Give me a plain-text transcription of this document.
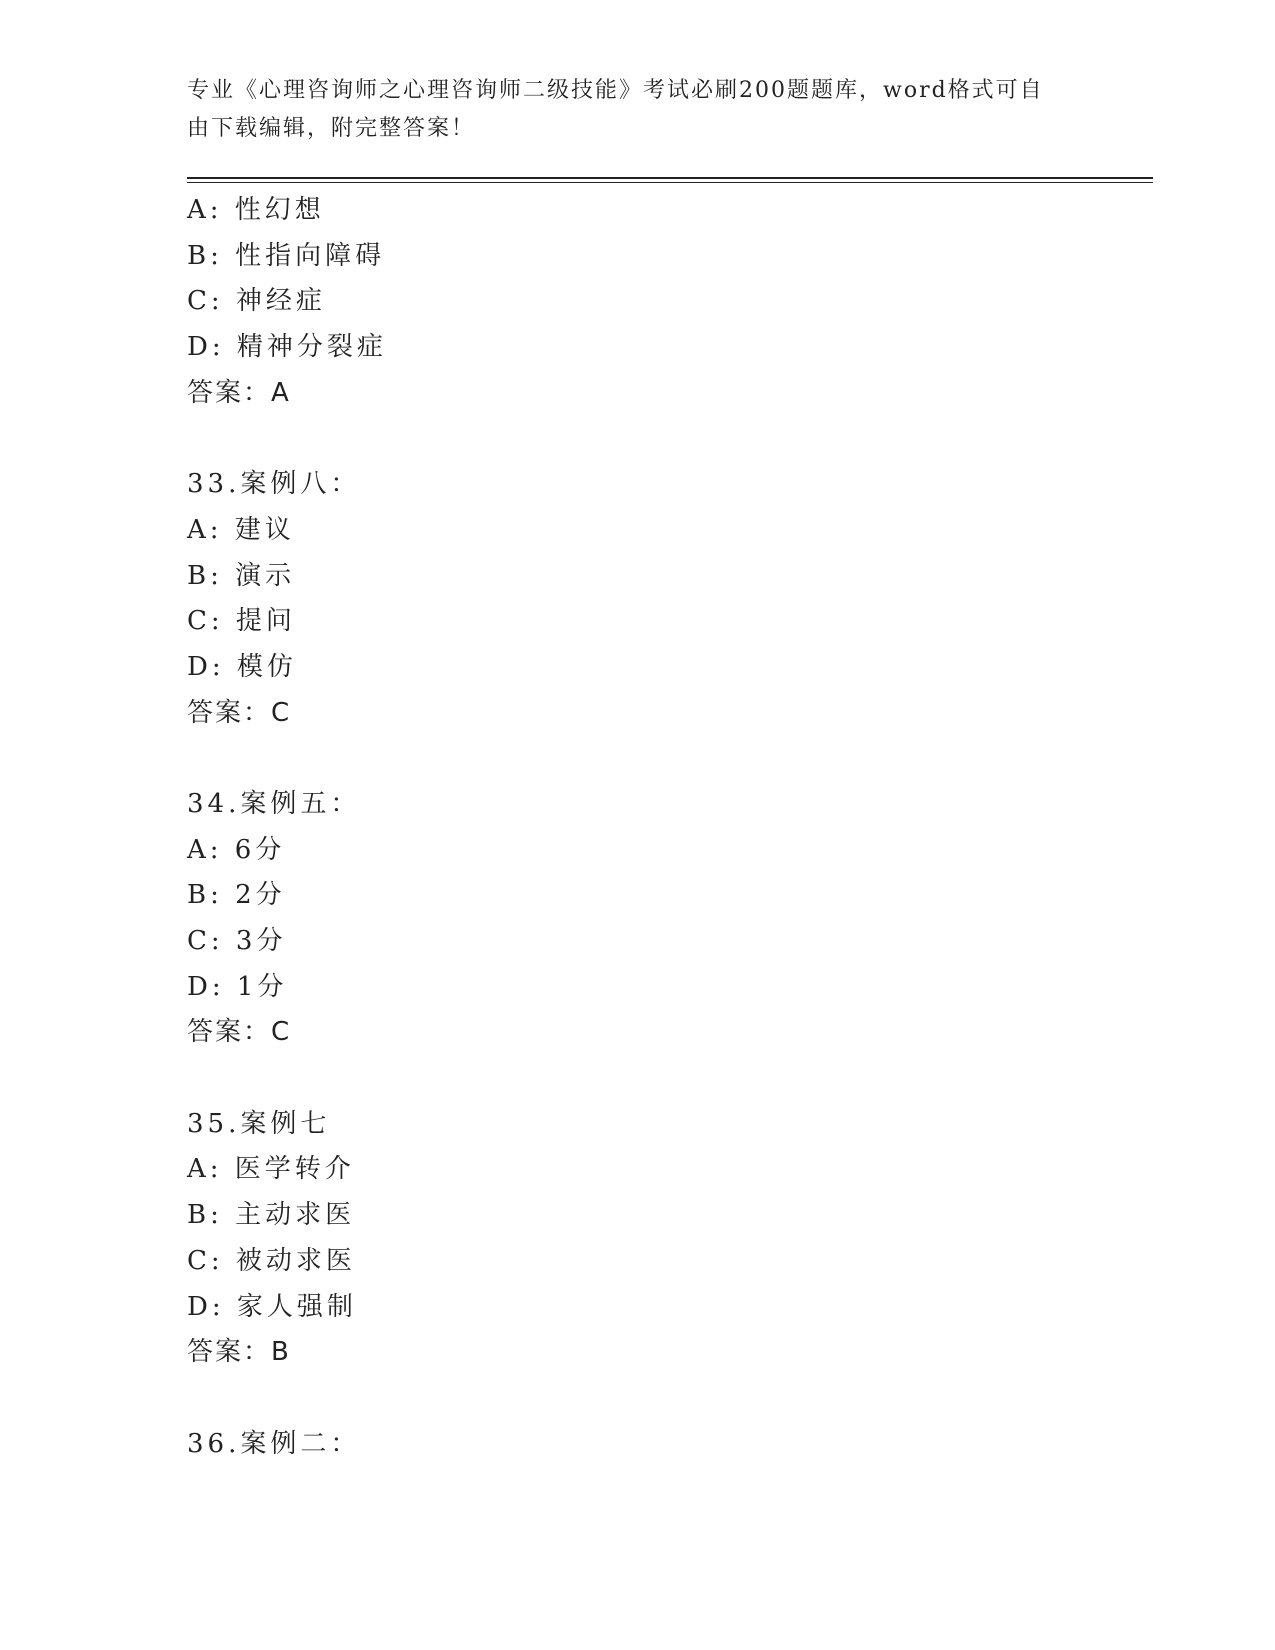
专业《心理咨询师之心理咨询师二级技能》考试必刷200题题库，word格式可自
由下载编辑，附完整答案！
A: 性幻想
B: 性指向障碍
C: 神经症
D: 精神分裂症
答案：A
33.案例八：
A: 建议
B: 演示
C: 提问
D: 模仿
答案：C
34.案例五：
A: 6分
B: 2分
C: 3分
D: 1分
答案：C
35.案例七
A: 医学转介
B: 主动求医
C: 被动求医
D: 家人强制
答案：B
36.案例二：
